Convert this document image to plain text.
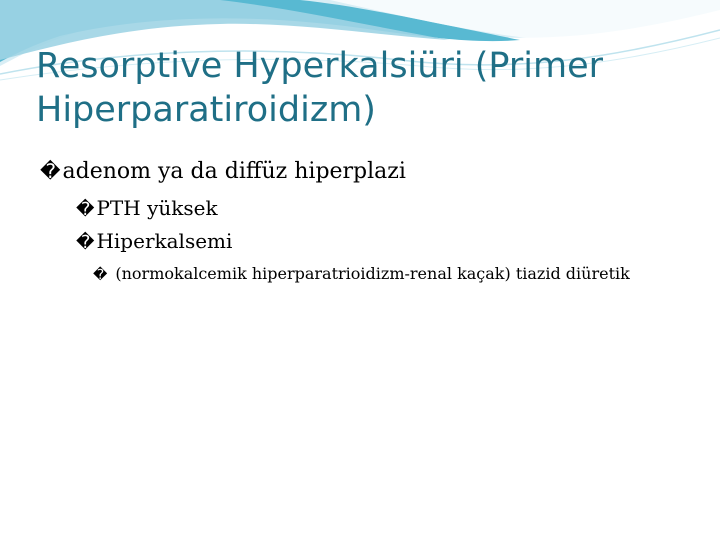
Resorptive Hyperkalsiüri (Primer Hiperparatiroidizm)
�adenom ya da diffüz hiperplazi
� PTH yüksek
� Hiperkalsemi
� (normokalcemik hiperparatrioidizm-renal kaçak) tiazid diüretik
